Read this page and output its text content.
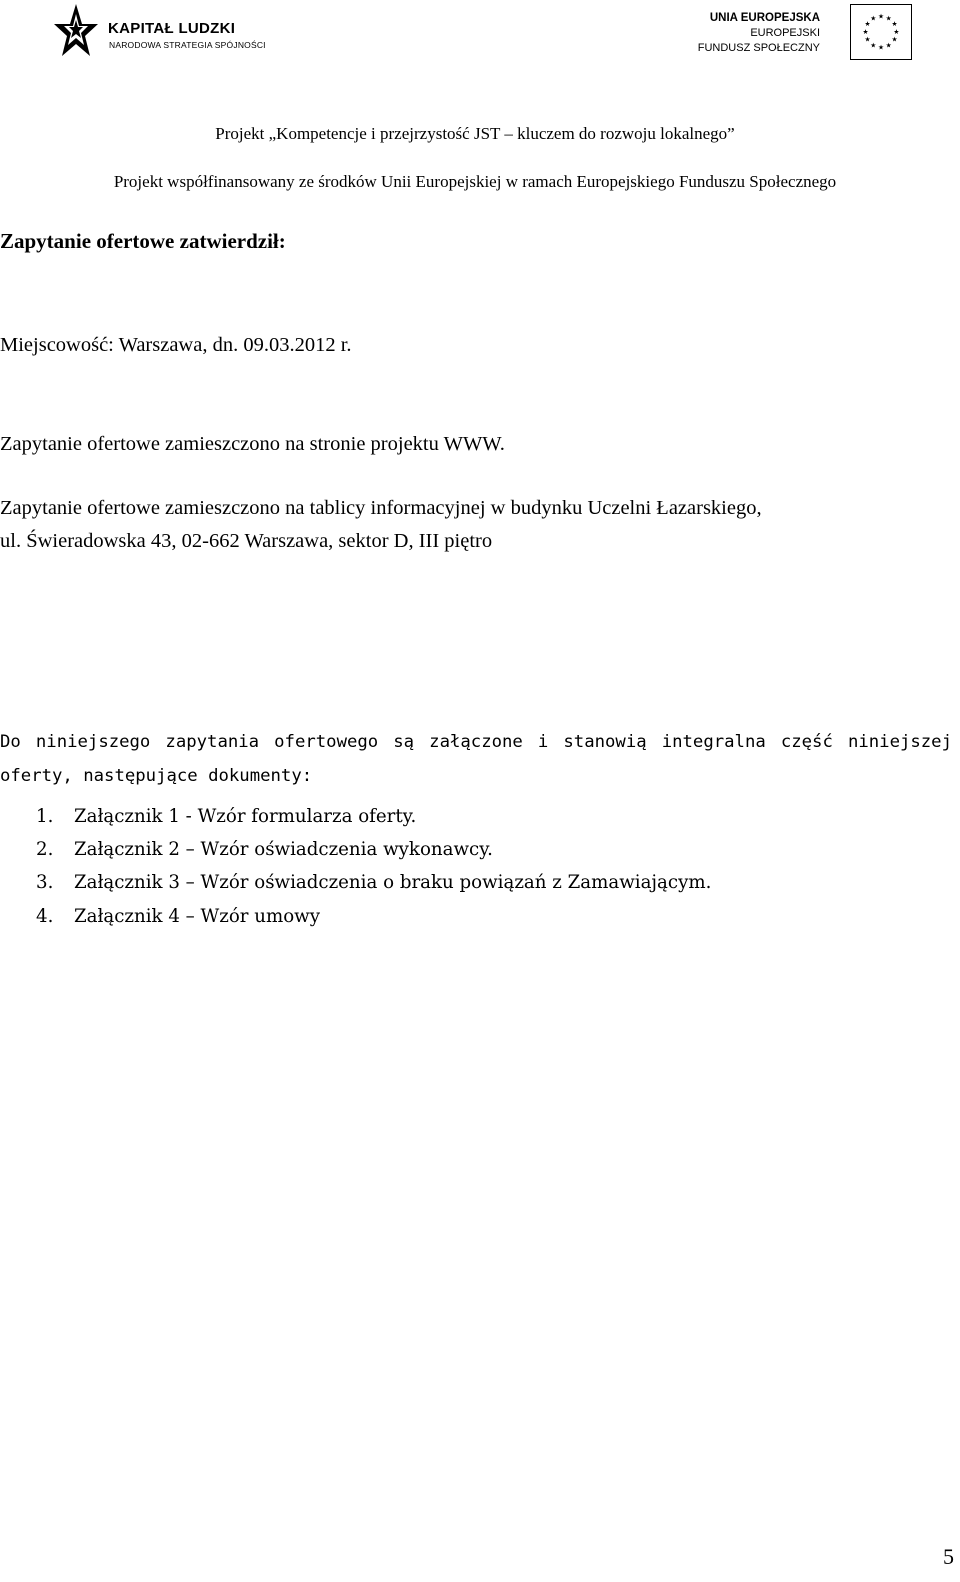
KAPITAŁ LUDZKI
NARODOWA STRATEGIA SPÓJNOŚCI
UNIA EUROPEJSKA
EUROPEJSKI
FUNDUSZ SPOŁECZNY
★ ★
★
★
★
★
★
★
★
★
★
★
Projekt „Kompetencje i przejrzystość JST – kluczem do rozwoju lokalnego”
Projekt współfinansowany ze środków Unii Europejskiej w ramach Europejskiego Funduszu Społecznego
Zapytanie ofertowe zatwierdził:
Miejscowość: Warszawa, dn. 09.03.2012 r.
Zapytanie ofertowe zamieszczono na stronie projektu WWW.
Zapytanie ofertowe zamieszczono na tablicy informacyjnej w budynku Uczelni Łazarskiego,
ul. Świeradowska 43, 02-662 Warszawa, sektor D, III piętro
Do niniejszego zapytania ofertowego są załączone i stanowią integralna część niniejszej
oferty, następujące dokumenty:
1. Załącznik 1 - Wzór formularza oferty.
2. Załącznik 2 – Wzór oświadczenia wykonawcy.
3. Załącznik 3 – Wzór oświadczenia o braku powiązań z Zamawiającym.
4. Załącznik 4 – Wzór umowy
5
